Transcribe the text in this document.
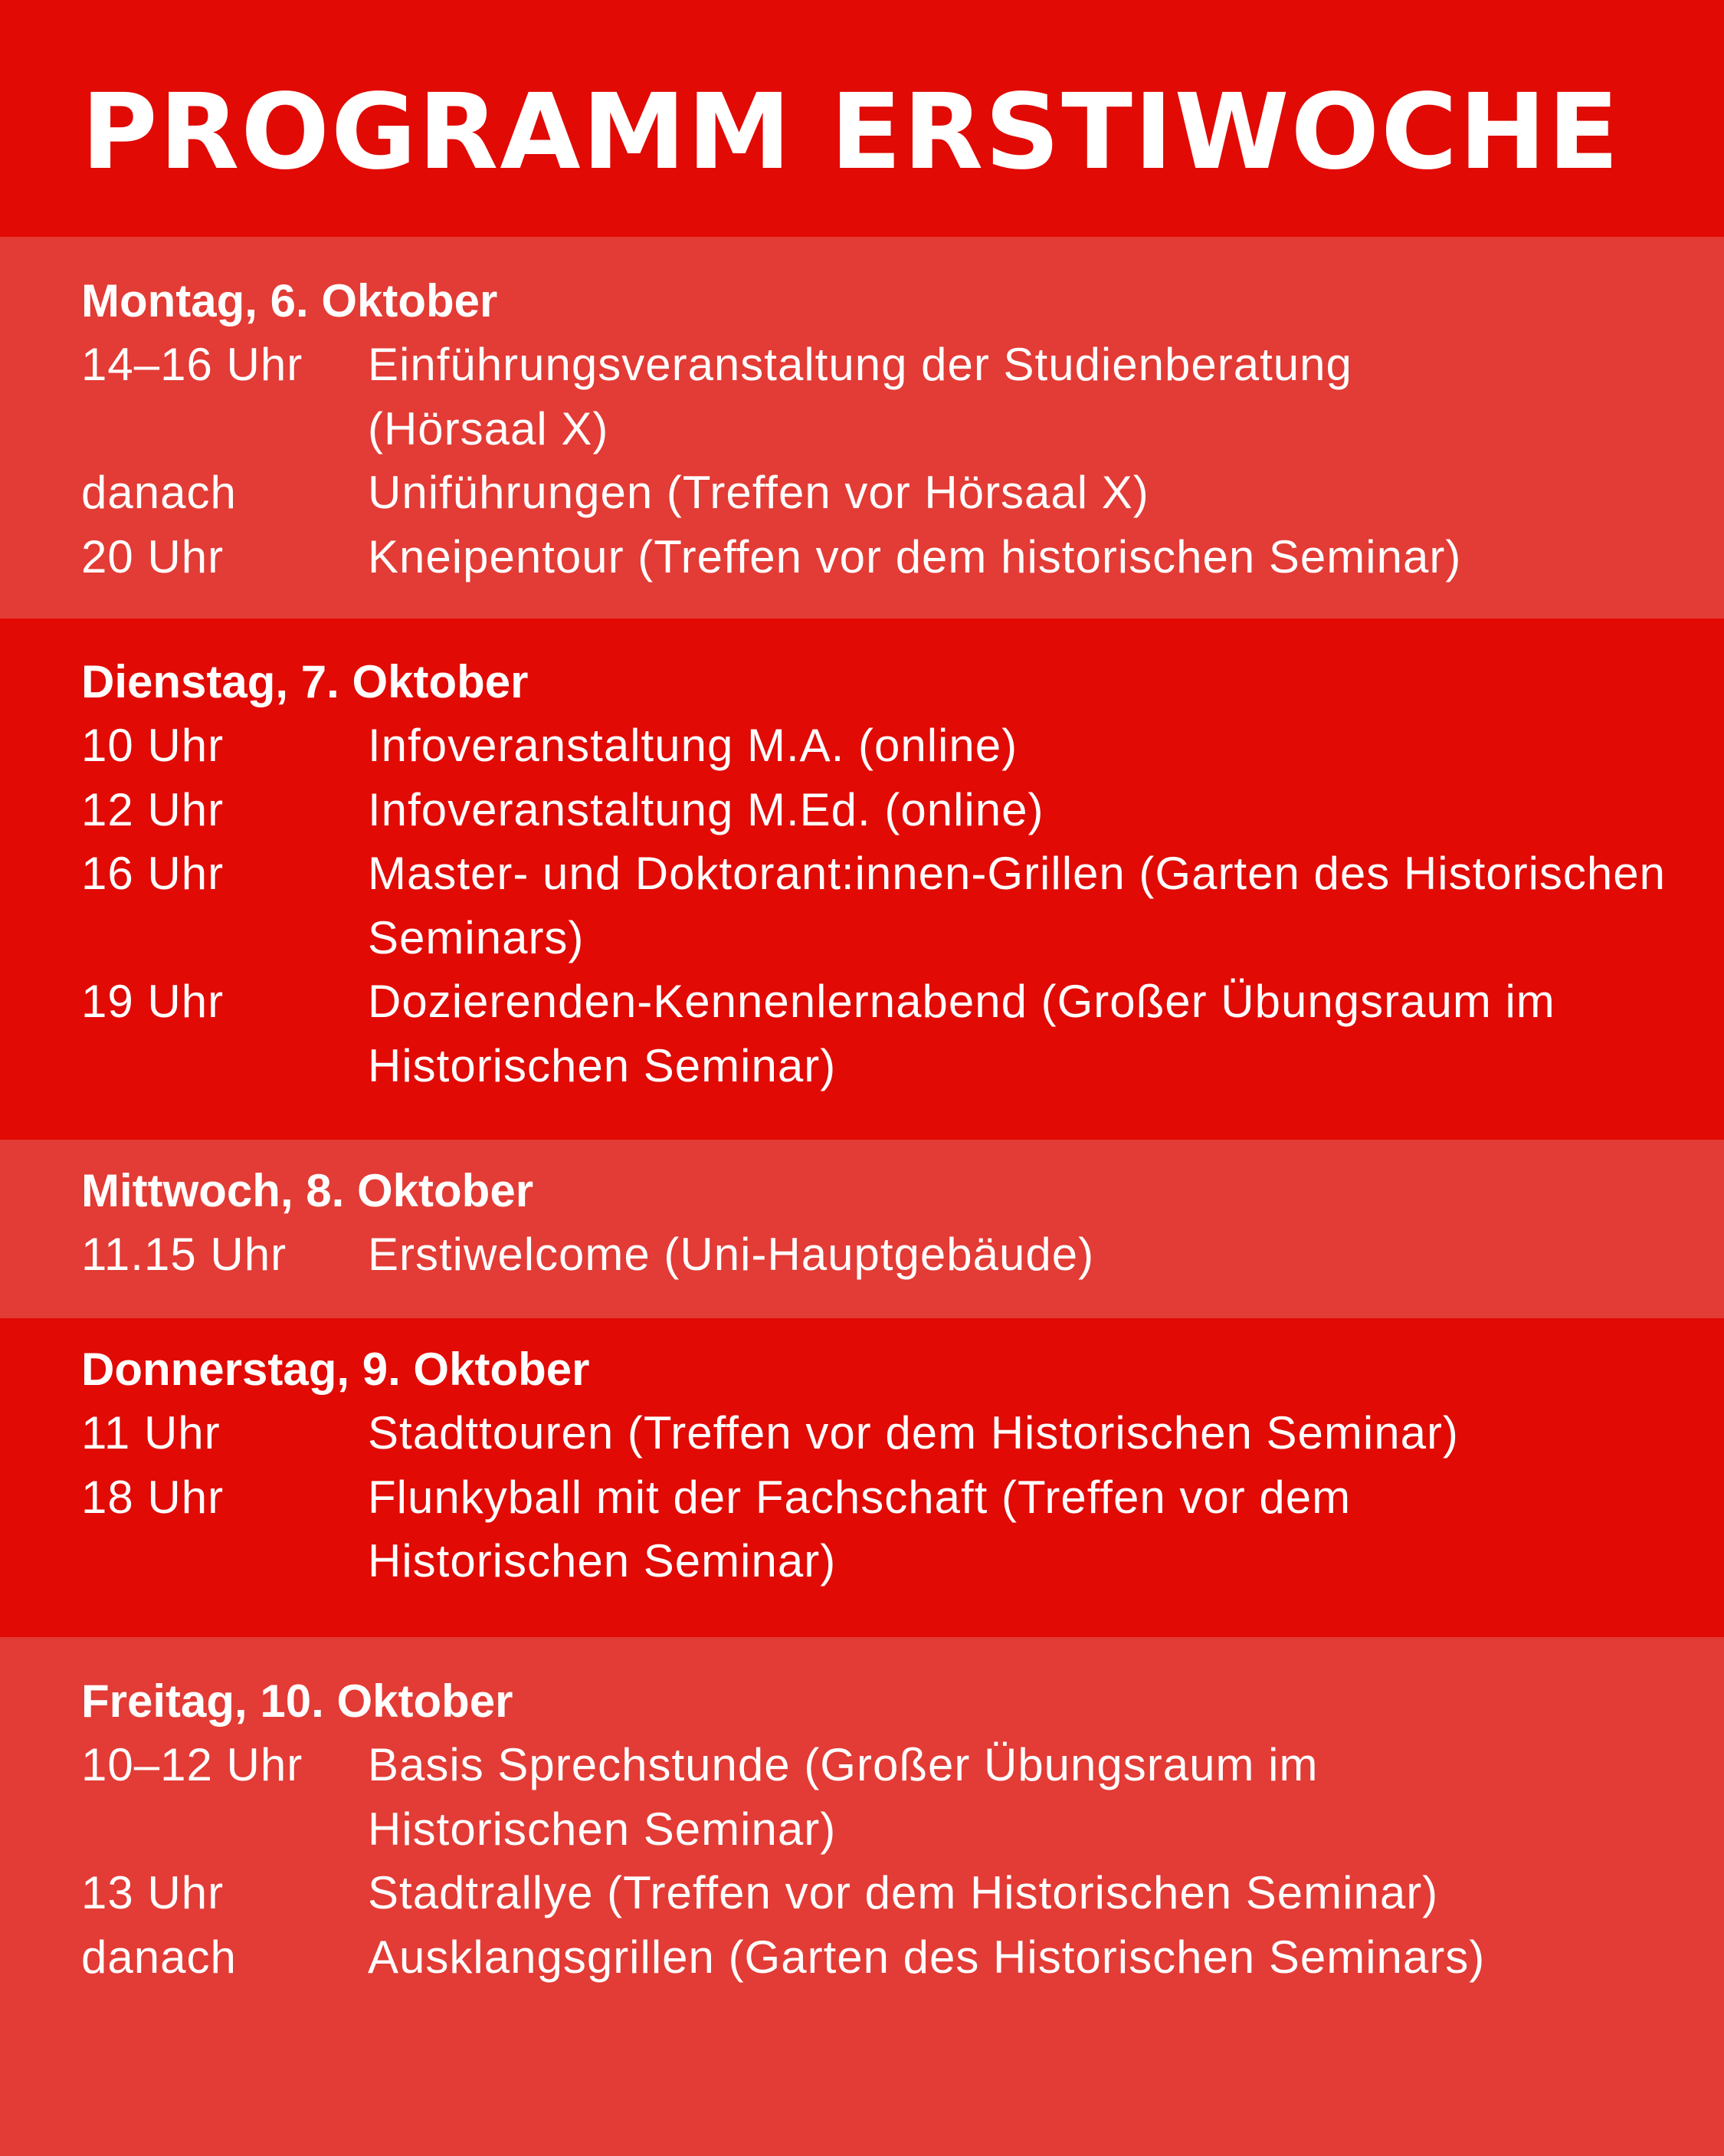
PROGRAMM ERSTIWOCHE
Montag, 6. Oktober
14–16 Uhr	Einführungsveranstaltung der Studienberatung (Hörsaal X)
danach	Uniführungen (Treffen vor Hörsaal X)
20 Uhr	Kneipentour (Treffen vor dem historischen Seminar)
Dienstag, 7. Oktober
10 Uhr	Infoveranstaltung M.A. (online)
12 Uhr	Infoveranstaltung M.Ed. (online)
16 Uhr	Master- und Doktorant:innen-Grillen (Garten des Historischen Seminars)
19 Uhr	Dozierenden-Kennenlernabend (Großer Übungsraum im Historischen Seminar)
Mittwoch, 8. Oktober
11.15 Uhr	Erstiwelcome (Uni-Hauptgebäude)
Donnerstag, 9. Oktober
11 Uhr	Stadttouren (Treffen vor dem Historischen Seminar)
18 Uhr	Flunkyball mit der Fachschaft (Treffen vor dem Historischen Seminar)
Freitag, 10. Oktober
10–12 Uhr	Basis Sprechstunde (Großer Übungsraum im Historischen Seminar)
13 Uhr	Stadtrallye (Treffen vor dem Historischen Seminar)
danach	Ausklangsgrillen (Garten des Historischen Seminars)
